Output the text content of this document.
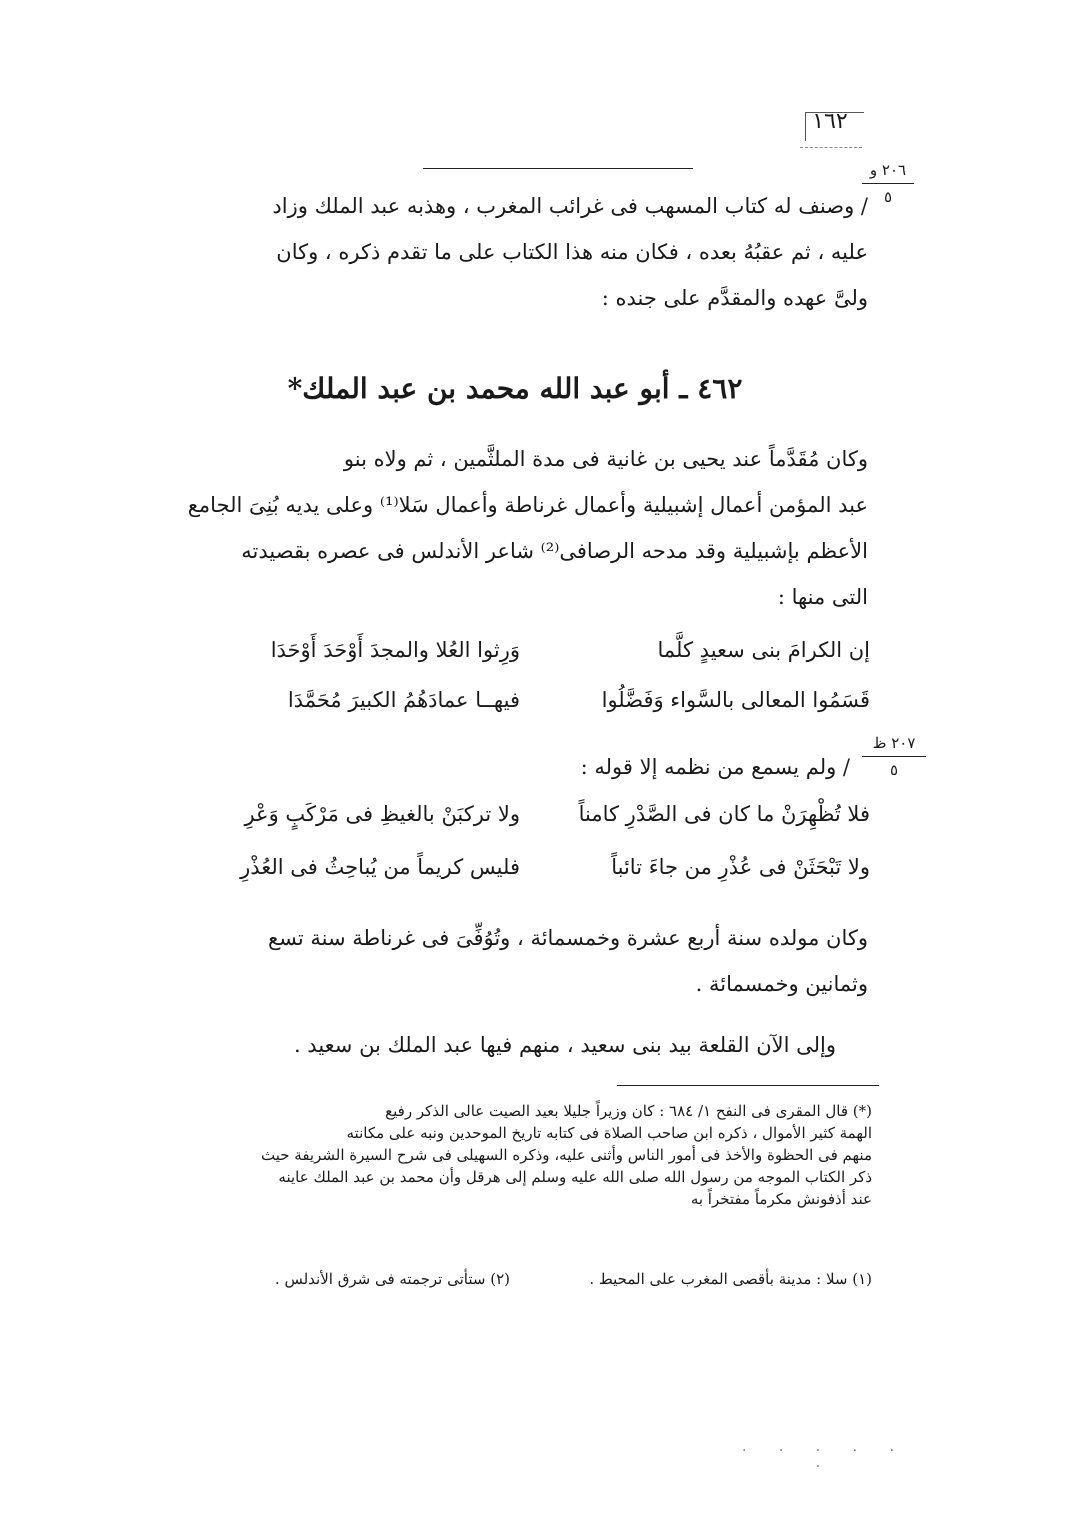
١٦٢
٢٠٦ و
٥
٢٠٧ ظ
٥
/ وصنف له كتاب المسهب فى غرائب المغرب ، وهذبه عبد الملك وزاد
عليه ، ثم عقبُهُ بعده ، فكان منه هذا الكتاب على ما تقدم ذكره ، وكان
ولىَّ عهده والمقدَّم على جنده :
٤٦٢ ـ أبو عبد الله محمد بن عبد الملك*
وكان مُقَدَّماً عند يحيى بن غانية فى مدة الملثَّمين ، ثم ولاه بنو
عبد المؤمن أعمال إشبيلية وأعمال غرناطة وأعمال سَلا⁽¹⁾ وعلى يديه بُنِىَ الجامع
الأعظم بإشبيلية وقد مدحه الرصافى⁽²⁾ شاعر الأندلس فى عصره بقصيدته
التى منها :
إن الكرامَ بنى سعيدٍ كلَّما
وَرِثوا العُلا والمجدَ أَوْحَدَ أَوْحَدَا
قَسَمُوا المعالى بالسَّواء وَفَضَّلُوا
فيهــا عمادَهُمُ الكبيرَ مُحَمَّدَا
/ ولم يسمع من نظمه إلا قوله :
فلا تُظْهِرَنْ ما كان فى الصَّدْرِ كامناً
ولا تركبَنْ بالغيظِ فى مَرْكَبٍ وَعْرِ
ولا تَبْحَثَنْ فى عُذْرِ من جاءَ تائباً
فليس كريماً من يُباحِثُ فى العُذْرِ
وكان مولده سنة أربع عشرة وخمسمائة ، وتُوُفِّىَ فى غرناطة سنة تسع
وثمانين وخمسمائة .
وإلى الآن القلعة بيد بنى سعيد ، منهم فيها عبد الملك بن سعيد .
(*) قال المقرى فى النفح ١/ ٦٨٤ : كان وزيراً جليلا بعيد الصيت عالى الذكر رفيع
الهمة كثير الأموال ، ذكره ابن صاحب الصلاة فى كتابه تاريخ الموحدين ونبه على مكانته
منهم فى الحظوة والأخذ فى أمور الناس وأثنى عليه، وذكره السهيلى فى شرح السيرة الشريفة حيث
ذكر الكتاب الموجه من رسول الله صلى الله عليه وسلم إلى هرقل وأن محمد بن عبد الملك عاينه
عند أذفونش مكرماً مفتخراً به
(١) سلا : مدينة بأقصى المغرب على المحيط .
(٢) ستأتى ترجمته فى شرق الأندلس .
· · · · · ·
